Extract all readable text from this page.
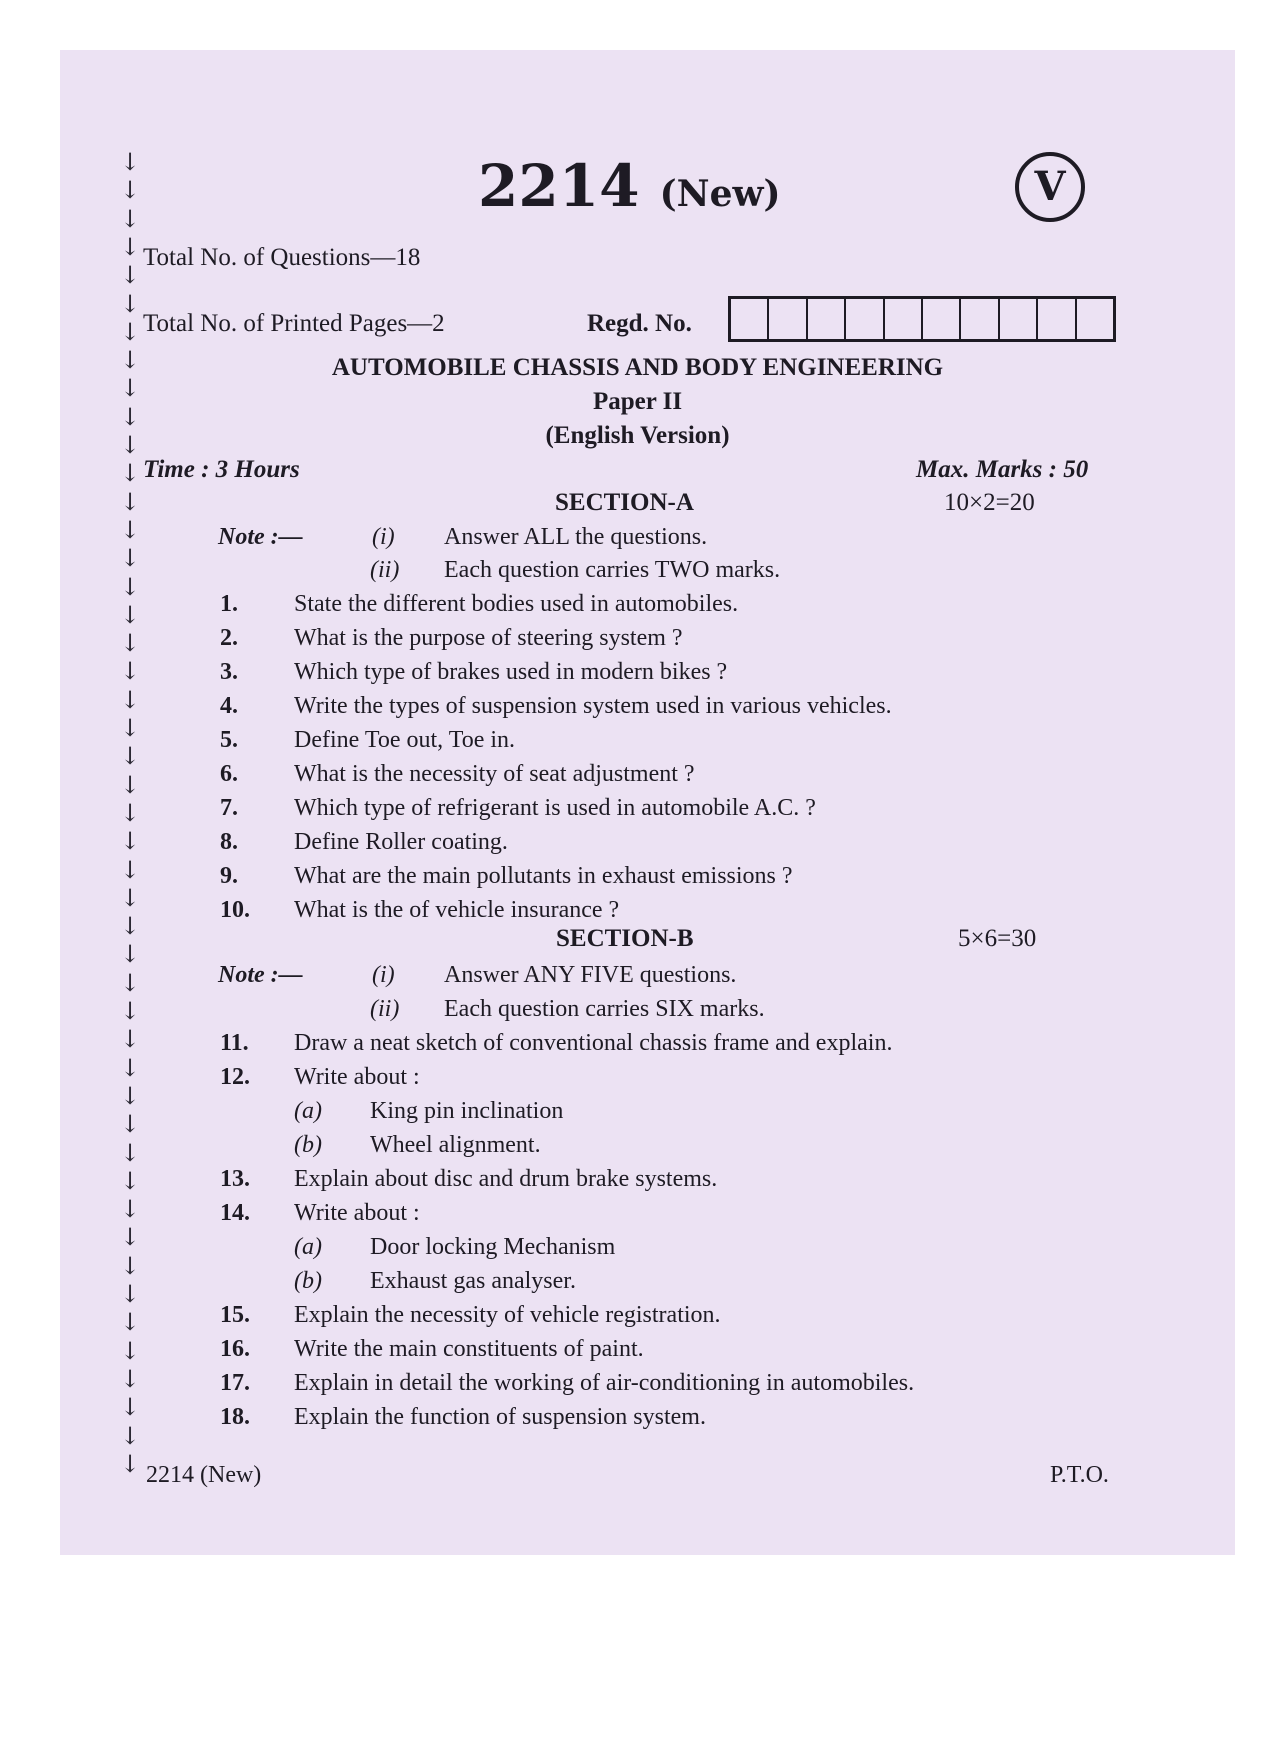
↓
↓
↓
↓
↓
↓
↓
↓
↓
↓
↓
↓
↓
↓
↓
↓
↓
↓
↓
↓
↓
↓
↓
↓
↓
↓
↓
↓
↓
↓
↓
↓
↓
↓
↓
↓
↓
↓
↓
↓
↓
↓
↓
↓
↓
↓
↓
2214 (New)	V
Total No. of Questions—18
Total No. of Printed Pages—2	Regd. No.
AUTOMOBILE CHASSIS AND BODY ENGINEERING
Paper II
(English Version)
Time : 3 Hours	Max. Marks : 50
SECTION-A	10×2=20
Note :—	(i) Answer ALL the questions.
(ii) Each question carries TWO marks.
1. State the different bodies used in automobiles.
2. What is the purpose of steering system ?
3. Which type of brakes used in modern bikes ?
4. Write the types of suspension system used in various vehicles.
5. Define Toe out, Toe in.
6. What is the necessity of seat adjustment ?
7. Which type of refrigerant is used in automobile A.C. ?
8. Define Roller coating.
9. What are the main pollutants in exhaust emissions ?
10. What is the of vehicle insurance ?
SECTION-B	5×6=30
Note :—	(i) Answer ANY FIVE questions.
(ii) Each question carries SIX marks.
11. Draw a neat sketch of conventional chassis frame and explain.
12. Write about :
(a) King pin inclination
(b) Wheel alignment.
13. Explain about disc and drum brake systems.
14. Write about :
(a) Door locking Mechanism
(b) Exhaust gas analyser.
15. Explain the necessity of vehicle registration.
16. Write the main constituents of paint.
17. Explain in detail the working of air-conditioning in automobiles.
18. Explain the function of suspension system.
2214 (New)	P.T.O.
